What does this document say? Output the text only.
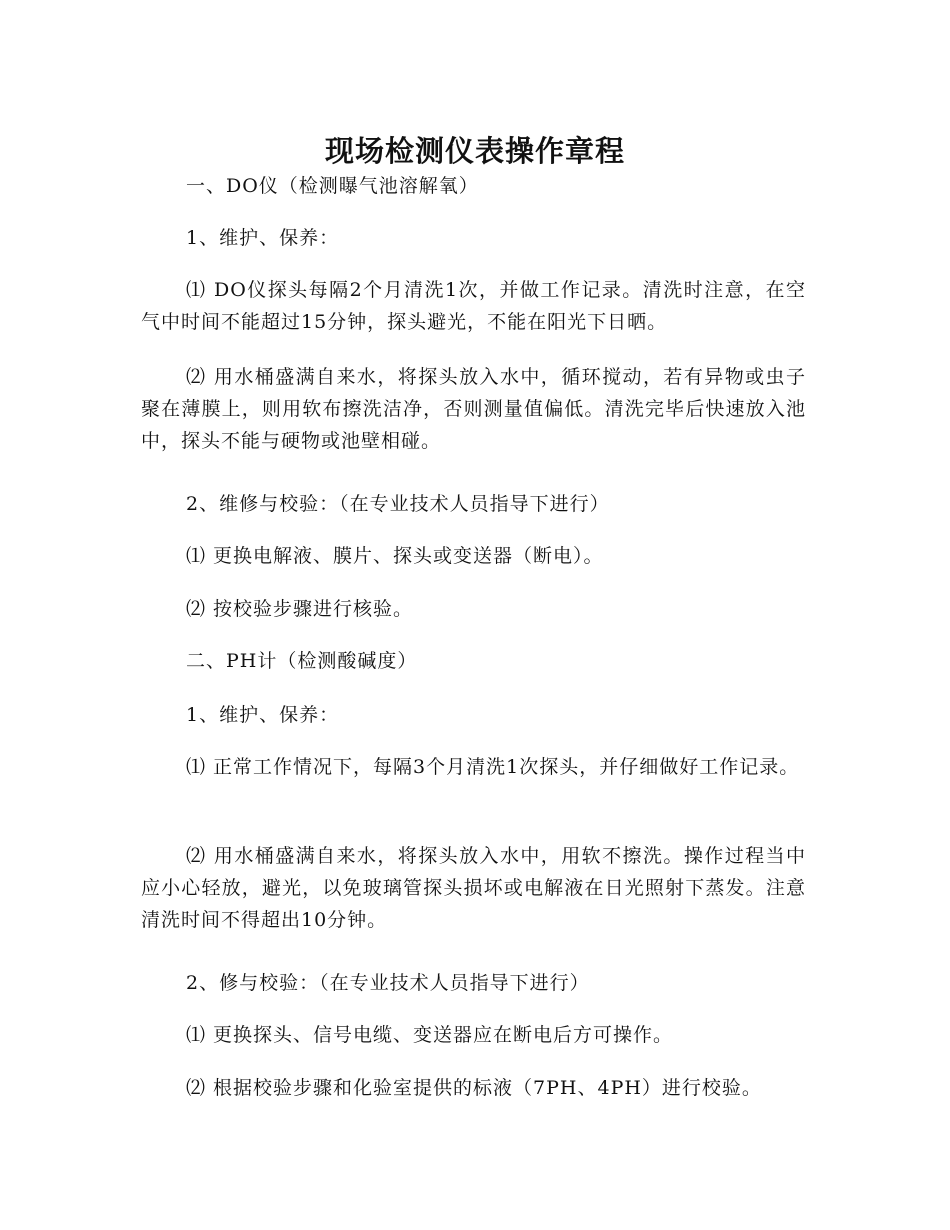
现场检测仪表操作章程

一、DO仪（检测曝气池溶解氧）

1、维护、保养：

⑴ DO仪探头每隔2个月清洗1次，并做工作记录。清洗时注意，在空气中时间不能超过15分钟，探头避光，不能在阳光下日晒。

⑵ 用水桶盛满自来水，将探头放入水中，循环搅动，若有异物或虫子聚在薄膜上，则用软布擦洗洁净，否则测量值偏低。清洗完毕后快速放入池中，探头不能与硬物或池壁相碰。

2、维修与校验：（在专业技术人员指导下进行）

⑴ 更换电解液、膜片、探头或变送器（断电）。

⑵ 按校验步骤进行核验。

二、PH计（检测酸碱度）

1、维护、保养：

⑴ 正常工作情况下，每隔3个月清洗1次探头，并仔细做好工作记录。

⑵ 用水桶盛满自来水，将探头放入水中，用软不擦洗。操作过程当中应小心轻放，避光，以免玻璃管探头损坏或电解液在日光照射下蒸发。注意清洗时间不得超出10分钟。

2、修与校验：（在专业技术人员指导下进行）

⑴ 更换探头、信号电缆、变送器应在断电后方可操作。

⑵ 根据校验步骤和化验室提供的标液（7PH、4PH）进行校验。
